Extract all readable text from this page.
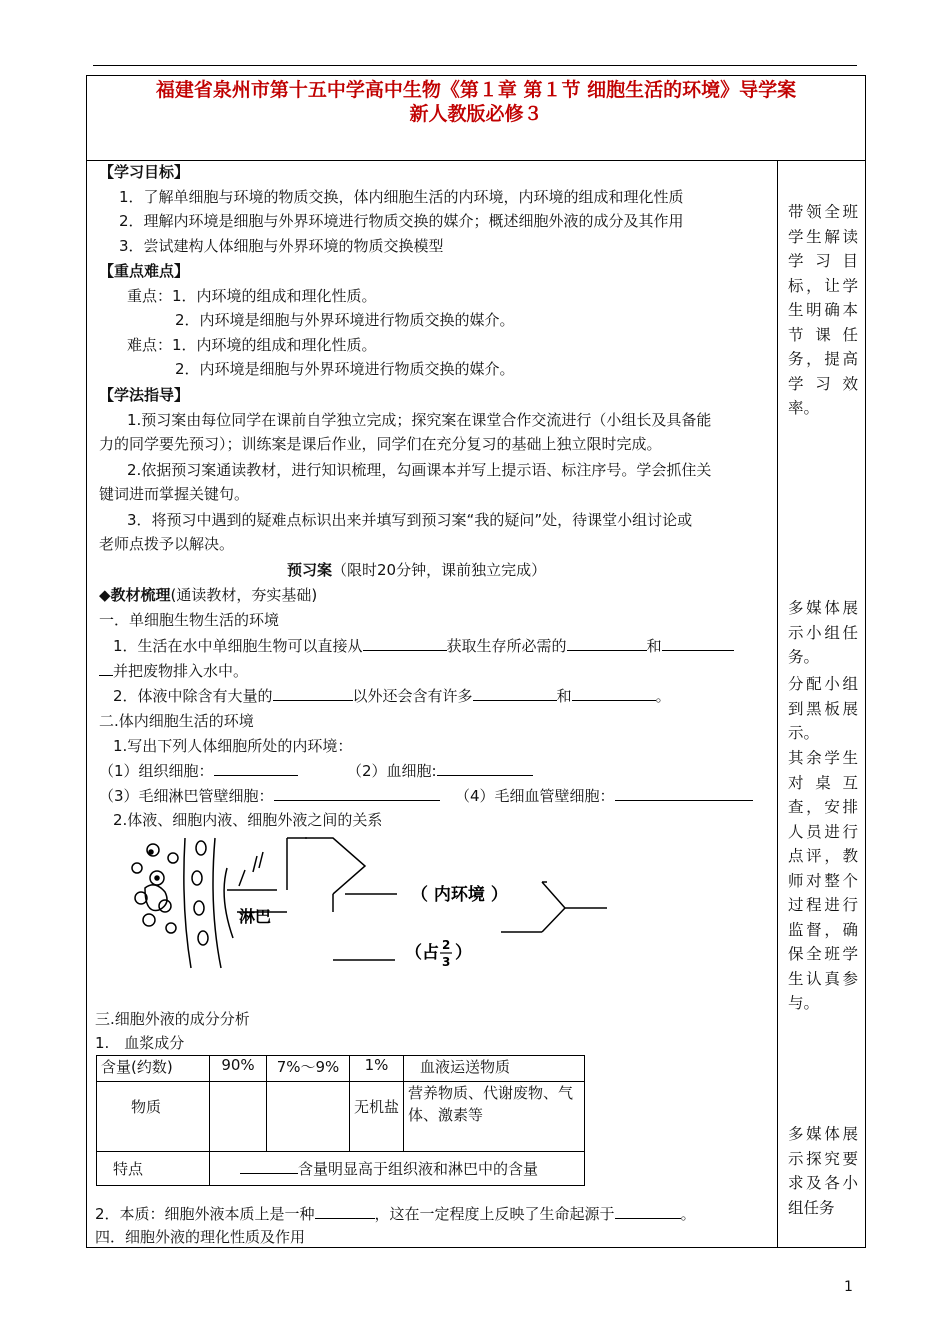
福建省泉州市第十五中学高中生物《第１章 第１节 细胞生活的环境》导学案
新人教版必修３
【学习目标】
1．了解单细胞与环境的物质交换，体内细胞生活的内环境，内环境的组成和理化性质
2．理解内环境是细胞与外界环境进行物质交换的媒介；概述细胞外液的成分及其作用
3．尝试建构人体细胞与外界环境的物质交换模型
【重点难点】
重点：1．内环境的组成和理化性质。
2．内环境是细胞与外界环境进行物质交换的媒介。
难点：1．内环境的组成和理化性质。
2．内环境是细胞与外界环境进行物质交换的媒介。
【学法指导】
1.预习案由每位同学在课前自学独立完成；探究案在课堂合作交流进行（小组长及具备能
力的同学要先预习）；训练案是课后作业，同学们在充分复习的基础上独立限时完成。
2.依据预习案通读教材，进行知识梳理，勾画课本并写上提示语、标注序号。学会抓住关
键词进而掌握关键句。
3．将预习中遇到的疑难点标识出来并填写到预习案“我的疑问”处，待课堂小组讨论或
老师点拨予以解决。
预习案（限时20分钟，课前独立完成）
◆教材梳理(通读教材，夯实基础)
一．单细胞生物生活的环境
1．生活在水中单细胞生物可以直接从	获取生存所必需的	和
并把废物排入水中。
2．体液中除含有大量的	以外还会含有许多	和	。
二.体内细胞生活的环境
1.写出下列人体细胞所处的内环境：
（1）组织细胞：	（2）血细胞:
（3）毛细淋巴管壁细胞：	（4）毛细血管壁细胞：
2.体液、细胞内液、细胞外液之间的关系
淋巴
（ 内环境 ）
（占 2
3 ）
三.细胞外液的成分分析
1.　血浆成分
含量(约数)	90%	7%～9%	1%	血液运送物质
物质			无机盐	营养物质、代谢废物、气体、激素等
特点	含量明显高于组织液和淋巴中的含量			
2．本质：细胞外液本质上是一种	，这在一定程度上反映了生命起源于	。
四．细胞外液的理化性质及作用
带领全班学生解读学习目标，让学生明确本节课任务，提高学习效率。
多媒体展示小组任务。
分配小组到黑板展示。
其余学生对桌互查，安排人员进行点评，教师对整个过程进行监督，确保全班学生认真参与。
多媒体展示探究要求及各小组任务
1
